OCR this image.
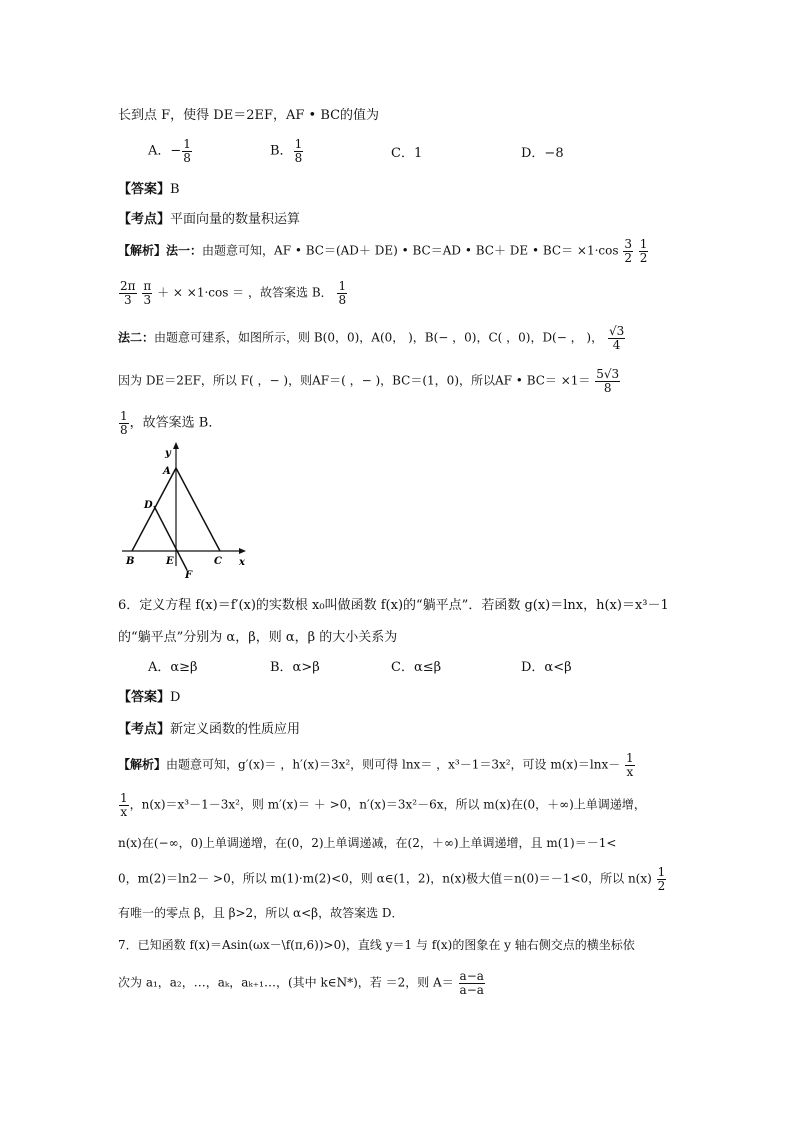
长到点 F，使得 DE＝2EF，AF • BC的值为
A．− $\frac{1}{8}$	B． $\frac{1}{8}$	C．1	D．−8
【答案】B
【考点】平面向量的数量积运算
【解析】法一：由题意可知，AF • BC＝(AD＋ DE) • BC＝AD • BC＋ DE • $BC= \times 1\cdot\cos \frac{3}{2}$
$\frac{1}{2}$
$\frac{2\pi}{3}$
$\frac{\pi}{3}$ ＋ × ×1·cos ＝ ，故答案选 B． $\frac{1}{8}$
法二：由题意可建系，如图所示，则 B(0，0)，A(0， )，B(− ，0)，C( ，0)，D(− ， )， $\frac{√3}{4}$
因为 DE＝2EF，所以 F( ，− )，则AF＝( ，− )，BC＝(1，0)，所以AF • $BC= \times 1= \frac{5√3}{8}$
$\frac{1}{8}$ ，故答案选 B．
y
x
A
B	C
D
E
F
6．定义方程 f(x)＝f′(x)的实数根 x₀叫做函数 f(x)的“躺平点”．若函数 g(x)＝lnx，h(x)＝x³－1
的“躺平点”分别为 α，β，则 α，β 的大小关系为
A．α≥β	B．α>β	C．α≤β	D．α<β
【答案】D
【考点】新定义函数的性质应用
【解析】由题意可知，g′(x)＝ ，h′(x)＝3x²，则可得 lnx＝ ，x³－1＝3x²，可设 $m(x)=\ln x- \frac{1}{x}$
$\frac{1}{x}$ ，n(x)＝x³－1－3x²，则 m′(x)＝ ＋ >0，n′(x)＝3x²－6x，所以 m(x)在(0，＋∞)上单调递增，
n(x)在(−∞，0)上单调递增，在(0，2)上单调递减，在(2，＋∞)上单调递增，且 m(1)＝－1<
0，m(2)＝ln2－ >0，所以 m(1)·m(2)<0，则 α∈(1，2)，n(x)极大值＝n(0)＝－1<0，所以 $n(x) \frac{1}{2}$
有唯一的零点 β，且 β>2，所以 α<β，故答案选 D．
7．已知函数 f(x)＝Asin(ωx－\f(π,6))>0)，直线 y＝1 与 f(x)的图象在 y 轴右侧交点的横坐标依
次为 a₁，a₂，…，aₖ，aₖ₊₁…，(其中 k∈N*)，若 ＝2，则 $A= \frac{a-a}{a-a}$
